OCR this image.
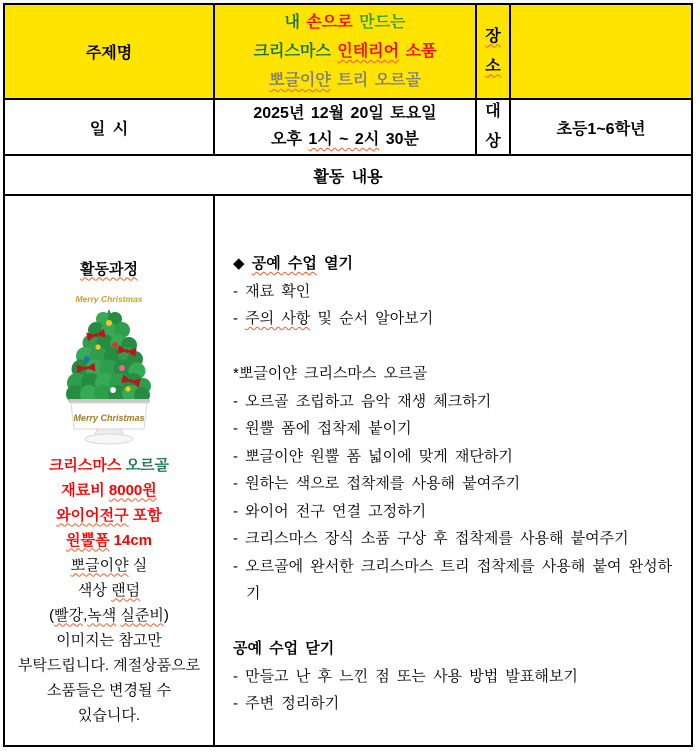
주제명
내 손으로 만드는
크리스마스 인테리어 소품
뽀글이얀 트리 오르골
장
소
일 시
2025년 12월 20일 토요일
오후 1시 ~ 2시 30분
대
상
초등1~6학년
활동 내용
활동과정
Merry Christmas
Merry Christmas
크리스마스 오르골
재료비 8000원
와이어전구 포함
원뿔폼 14cm
뽀글이얀 실
색상 랜덤
(빨강,녹색 실준비)
이미지는 참고만
부탁드립니다. 계절상품으로
소품들은 변경될 수
있습니다.
◆ 공예 수업 열기
- 재료 확인
- 주의 사항 및 순서 알아보기

*뽀글이얀 크리스마스 오르골
- 오르골 조립하고 음악 재생 체크하기
- 원뿔 폼에 접착제 붙이기
- 뽀글이얀 원뿔 폼 넓이에 맞게 재단하기
- 원하는 색으로 접착제를 사용해 붙여주기
- 와이어 전구 연결 고정하기
- 크리스마스 장식 소품 구상 후 접착제를 사용해 붙여주기
- 오르골에 완서한 크리스마스 트리 접착제를 사용해 붙여 완성하기

공예 수업 닫기
- 만들고 난 후 느낀 점 또는 사용 방법 발표해보기
- 주변 정리하기
